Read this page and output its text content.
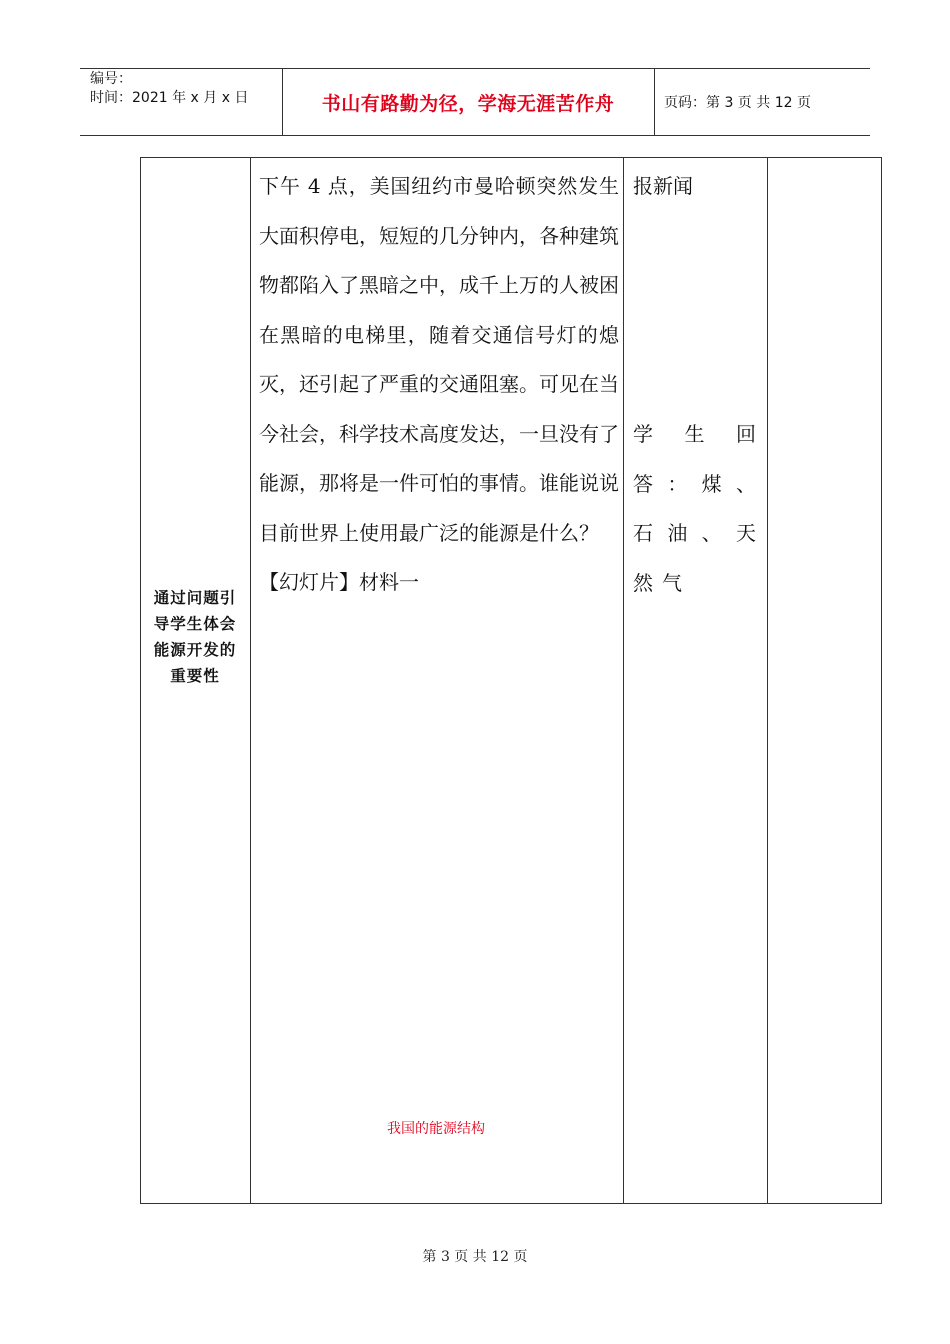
编号：
时间：2021 年 x 月 x 日	书山有路勤为径，学海无涯苦作舟	页码：第 3 页 共 12 页
通过问题引导学生体会能源开发的重要性

下午 4 点，美国纽约市曼哈顿突然发生大面积停电，短短的几分钟内，各种建筑物都陷入了黑暗之中，成千上万的人被困在黑暗的电梯里，随着交通信号灯的熄灭，还引起了严重的交通阻塞。可见在当今社会，科学技术高度发达，一旦没有了能源，那将是一件可怕的事情。谁能说说目前世界上使用最广泛的能源是什么？

【幻灯片】材料一

我国的能源结构
报新闻
学生回答：煤、石油、天然气
第 3 页 共 12 页
